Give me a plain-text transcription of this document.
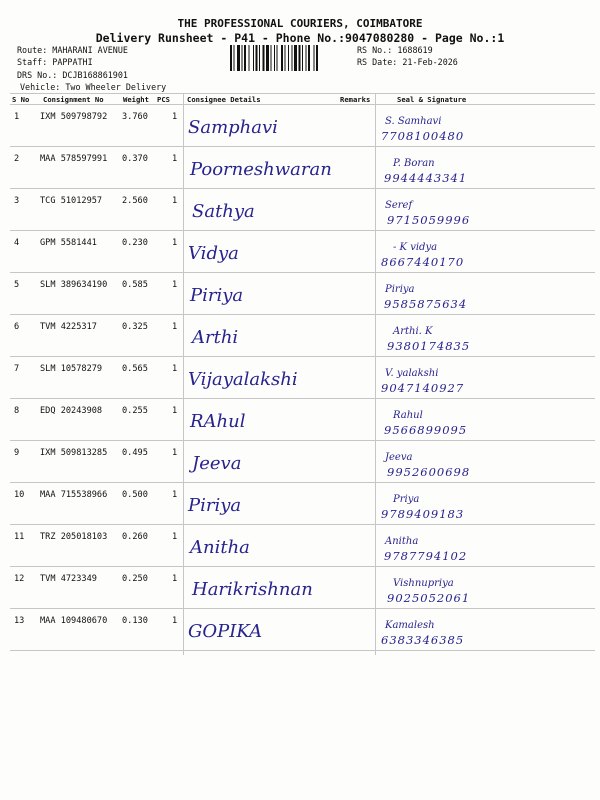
THE PROFESSIONAL COURIERS, COIMBATORE
Delivery Runsheet - P41 - Phone No.:9047080280 - Page No.:1
Route: MAHARANI AVENUE
Staff: PAPPATHI
DRS No.: DCJB168861901
Vehicle: Two Wheeler Delivery
RS No.: 1688619
RS Date: 21-Feb-2026
S No Consignment No	Weight PCS Consignee Details	Remarks	Seal & Signature
1 IXM 509798792 3.760	1 Samphavi	S. Samhavi
7708100480
2 MAA 578597991 0.370	1 Poorneshwaran	P. Boran
9944443341
3 TCG 51012957 2.560	1 Sathya	Seref
9715059996
4 GPM 5581441	0.230	1 Vidya	- K vidya
8667440170
5 SLM 389634190 0.585	1 Piriya	Piriya
9585875634
6 TVM 4225317	0.325	1 Arthi	Arthi. K
9380174835
7 SLM 10578279 0.565	1 Vijayalakshi	V. yalakshi
9047140927
8 EDQ 20243908 0.255	1 RAhul	Rahul
9566899095
9 IXM 509813285 0.495	1 Jeeva	Jeeva
9952600698
10 MAA 715538966 0.500	1 Piriya	Priya
9789409183
11 TRZ 205018103 0.260	1 Anitha	Anitha
9787794102
12 TVM 4723349	0.250	1 Harikrishnan	Vishnupriya
9025052061
13 MAA 109480670 0.130	1 GOPIKA	Kamalesh
6383346385
